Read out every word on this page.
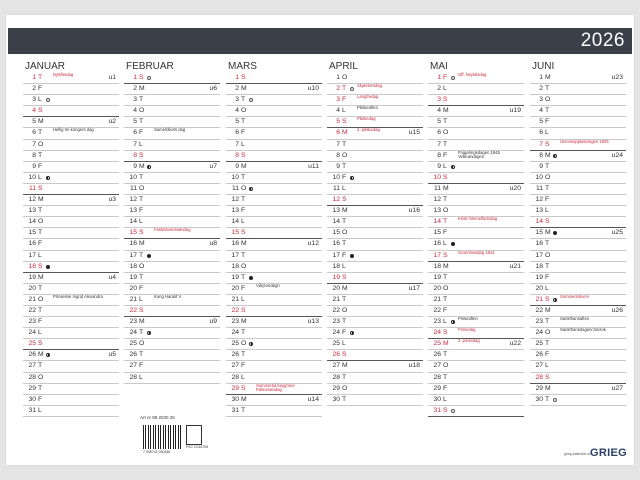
2026
JANUAR
1 T	Nyttårsdag	u1
2 F
3 L
4 S
5 M	u2
6 T	Hellig tre kongers dag
7 O
8 T
9 F
10 L
11 S
12 M	u3
13 T
14 O
15 T
16 F
17 L
18 S
19 M	u4
20 T
21 O Prinsesse Ingrid Alexandra
22 T
23 F
24 L
25 S
26 M	u5
27 T
28 O
29 T
30 F
31 L
FEBRUAR
1 S
2 M	u6
3 T
4 O
5 T
6 F	Samefolkets dag
7 L
8 S
9 M	u7
10 T
11 O
12 T
13 F
14 L
15 S Fastelavenssøndag
16 M	u8
17 T
18 O
19 T
20 F
21 L	Kong Harald V
22 S
23 M	u9
24 T
25 O
26 T
27 F
28 L
MARS
1 S
2 M	u10
3 T
4 O
5 T
6 F
7 L
8 S
9 M	u11
10 T
11 O
12 T
13 F
14 L
15 S
16 M	u12
17 T
18 O
19 T
20 F	Vårjevndøgn
21 L
22 S
23 M	u13
24 T
25 O
26 T
27 F
28 L
29 S Sommertid begynner Palmesøndag
30 M	u14
31 T
APRIL
1 O
2 T	Skjærtorsdag
3 F	Langfredag
4 L	Påskeaften
5 S Påskedag
6 M 2. påskedag	u15
7 T
8 O
9 T
10 F
11 L
12 S
13 M	u16
14 T
15 O
16 T
17 F
18 L
19 S
20 M	u17
21 T
22 O
23 T
24 F
25 L
26 S
27 M	u18
28 T
29 O
30 T
MAI
1 F	Off. høytidsdag
2 L
3 S
4 M	u19
5 T
6 O
7 T
8 F	Frigjøringsdagen 1945 Veterandagen
9 L
10 S
11 M	u20
12 T
13 O
14 T	Kristi himmelfartsdag
15 F
16 L
17 S Grunnlovsdag 1814
18 M	u21
19 T
20 O
21 T
22 F
23 L	Pinseaften
24 S Pinsedag
25 M 2. pinsedag	u22
26 T
27 O
28 T
29 F
30 L
31 S
JUNI
1 M	u23
2 T
3 O
4 T
5 F
6 L
7 S Unionsoppløsningen 1905
8 M	u24
9 T
10 O
11 T
12 F
13 L
14 S
15 M	u25
16 T
17 O
18 T
19 F
20 L
21 S Sommersolverv
22 M	u26
23 T	Sankthansaften
24 O Sankthansdagen/Jonsok
25 T
26 F
27 L
28 S
29 M	u27
30 T
Art nr 99 2030 26
7 045742 030346
FSC C016705
grieg-kalender.no GRIEG
